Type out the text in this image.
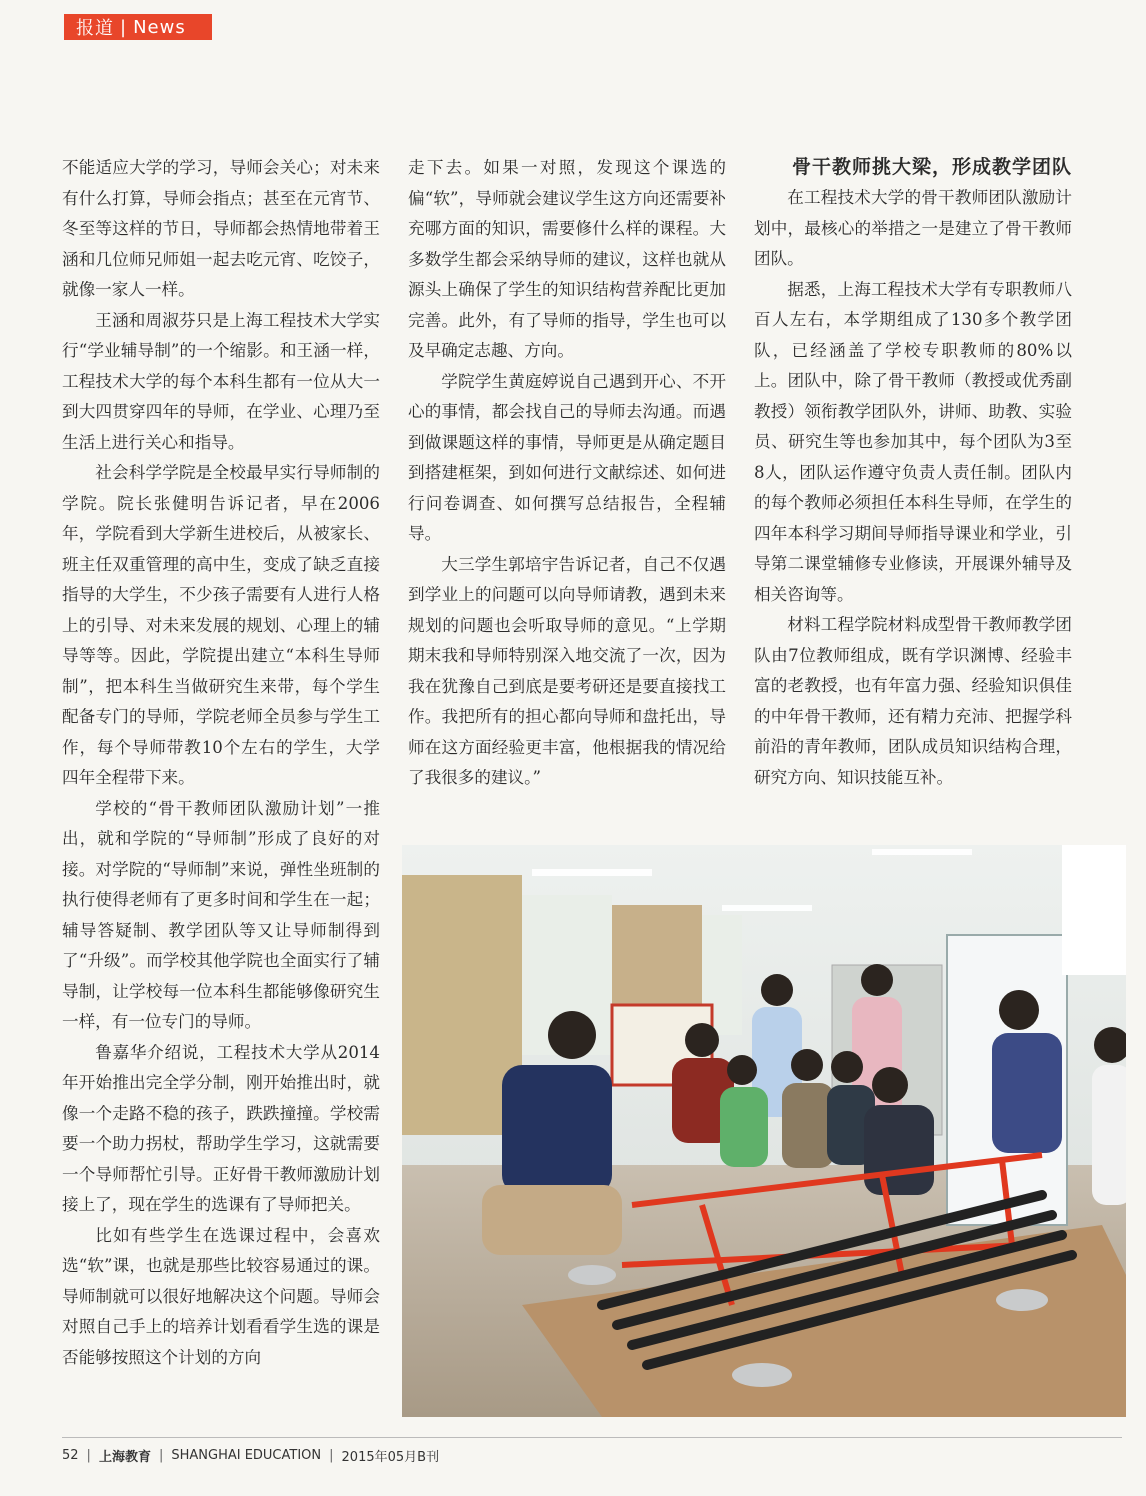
报道 | News

不能适应大学的学习，导师会关心；对未来有什么打算，导师会指点；甚至在元宵节、冬至等这样的节日，导师都会热情地带着王涵和几位师兄师姐一起去吃元宵、吃饺子，就像一家人一样。

王涵和周淑芬只是上海工程技术大学实行“学业辅导制”的一个缩影。和王涵一样，工程技术大学的每个本科生都有一位从大一到大四贯穿四年的导师，在学业、心理乃至生活上进行关心和指导。

社会科学学院是全校最早实行导师制的学院。院长张健明告诉记者，早在2006年，学院看到大学新生进校后，从被家长、班主任双重管理的高中生，变成了缺乏直接指导的大学生，不少孩子需要有人进行人格上的引导、对未来发展的规划、心理上的辅导等等。因此，学院提出建立“本科生导师制”，把本科生当做研究生来带，每个学生配备专门的导师，学院老师全员参与学生工作，每个导师带教10个左右的学生，大学四年全程带下来。

学校的“骨干教师团队激励计划”一推出，就和学院的“导师制”形成了良好的对接。对学院的“导师制”来说，弹性坐班制的执行使得老师有了更多时间和学生在一起；辅导答疑制、教学团队等又让导师制得到了“升级”。而学校其他学院也全面实行了辅导制，让学校每一位本科生都能够像研究生一样，有一位专门的导师。

鲁嘉华介绍说，工程技术大学从2014年开始推出完全学分制，刚开始推出时，就像一个走路不稳的孩子，跌跌撞撞。学校需要一个助力拐杖，帮助学生学习，这就需要一个导师帮忙引导。正好骨干教师激励计划接上了，现在学生的选课有了导师把关。

比如有些学生在选课过程中，会喜欢选“软”课，也就是那些比较容易通过的课。导师制就可以很好地解决这个问题。导师会对照自己手上的培养计划看看学生选的课是否能够按照这个计划的方向

走下去。如果一对照，发现这个课选的偏“软”，导师就会建议学生这方向还需要补充哪方面的知识，需要修什么样的课程。大多数学生都会采纳导师的建议，这样也就从源头上确保了学生的知识结构营养配比更加完善。此外，有了导师的指导，学生也可以及早确定志趣、方向。

学院学生黄庭婷说自己遇到开心、不开心的事情，都会找自己的导师去沟通。而遇到做课题这样的事情，导师更是从确定题目到搭建框架，到如何进行文献综述、如何进行问卷调查、如何撰写总结报告，全程辅导。

大三学生郭培宇告诉记者，自己不仅遇到学业上的问题可以向导师请教，遇到未来规划的问题也会听取导师的意见。“上学期期末我和导师特别深入地交流了一次，因为我在犹豫自己到底是要考研还是要直接找工作。我把所有的担心都向导师和盘托出，导师在这方面经验更丰富，他根据我的情况给了我很多的建议。”

骨干教师挑大梁，形成教学团队

在工程技术大学的骨干教师团队激励计划中，最核心的举措之一是建立了骨干教师团队。

据悉，上海工程技术大学有专职教师八百人左右，本学期组成了130多个教学团队，已经涵盖了学校专职教师的80%以上。团队中，除了骨干教师（教授或优秀副教授）领衔教学团队外，讲师、助教、实验员、研究生等也参加其中，每个团队为3至8人，团队运作遵守负责人责任制。团队内的每个教师必须担任本科生导师，在学生的四年本科学习期间导师指导课业和学业，引导第二课堂辅修专业修读，开展课外辅导及相关咨询等。

材料工程学院材料成型骨干教师教学团队由7位教师组成，既有学识渊博、经验丰富的老教授，也有年富力强、经验知识俱佳的中年骨干教师，还有精力充沛、把握学科前沿的青年教师，团队成员知识结构合理，研究方向、知识技能互补。

52 | 上海教育 | SHANGHAI EDUCATION | 2015年05月B刊
